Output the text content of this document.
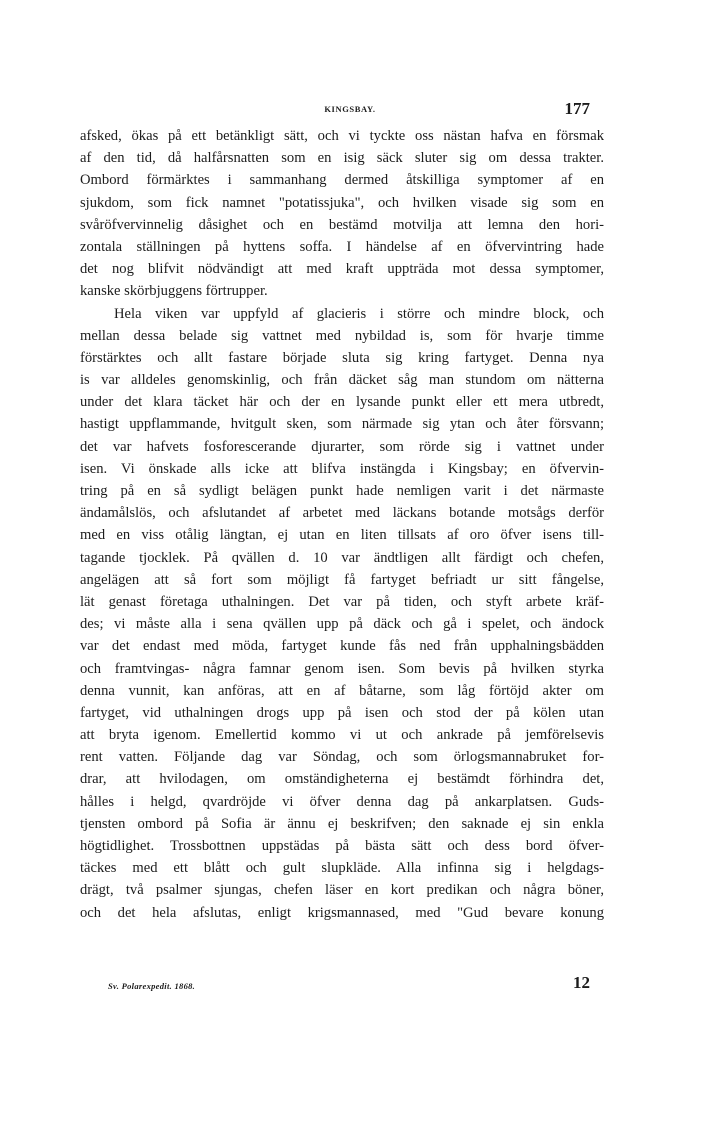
KINGSBAY.	177
afsked, ökas på ett betänkligt sätt, och vi tyckte oss nästan hafva en försmak
af den tid, då halfårsnatten som en isig säck sluter sig om dessa trakter.
Ombord förmärktes i sammanhang dermed åtskilliga symptomer af en
sjukdom, som fick namnet "potatissjuka", och hvilken visade sig som en
svåröfvervinnelig dåsighet och en bestämd motvilja att lemna den hori-
zontala ställningen på hyttens soffa. I händelse af en öfvervintring hade
det nog blifvit nödvändigt att med kraft uppträda mot dessa symptomer,
kanske skörbjuggens förtrupper.
Hela viken var uppfyld af glacieris i större och mindre block, och
mellan dessa belade sig vattnet med nybildad is, som för hvarje timme
förstärktes och allt fastare började sluta sig kring fartyget. Denna nya
is var alldeles genomskinlig, och från däcket såg man stundom om nätterna
under det klara täcket här och der en lysande punkt eller ett mera utbredt,
hastigt uppflammande, hvitgult sken, som närmade sig ytan och åter försvann;
det var hafvets fosforescerande djurarter, som rörde sig i vattnet under
isen. Vi önskade alls icke att blifva instängda i Kingsbay; en öfvervin-
tring på en så sydligt belägen punkt hade nemligen varit i det närmaste
ändamålslös, och afslutandet af arbetet med läckans botande motsågs derför
med en viss otålig längtan, ej utan en liten tillsats af oro öfver isens till-
tagande tjocklek. På qvällen d. 10 var ändtligen allt färdigt och chefen,
angelägen att så fort som möjligt få fartyget befriadt ur sitt fångelse,
lät genast företaga uthalningen. Det var på tiden, och styft arbete kräf-
des; vi måste alla i sena qvällen upp på däck och gå i spelet, och ändock
var det endast med möda, fartyget kunde fås ned från upphalningsbädden
och framtvingas- några famnar genom isen. Som bevis på hvilken styrka
denna vunnit, kan anföras, att en af båtarne, som låg förtöjd akter om
fartyget, vid uthalningen drogs upp på isen och stod der på kölen utan
att bryta igenom. Emellertid kommo vi ut och ankrade på jemförelsevis
rent vatten. Följande dag var Söndag, och som örlogsmannabruket for-
drar, att hvilodagen, om omständigheterna ej bestämdt förhindra det,
hålles i helgd, qvardröjde vi öfver denna dag på ankarplatsen. Guds-
tjensten ombord på Sofia är ännu ej beskrifven; den saknade ej sin enkla
högtidlighet. Trossbottnen uppstädas på bästa sätt och dess bord öfver-
täckes med ett blått och gult slupkläde. Alla infinna sig i helgdags-
drägt, två psalmer sjungas, chefen läser en kort predikan och några böner,
och det hela afslutas, enligt krigsmannased, med "Gud bevare konung
Sv. Polarexpedit. 1868.	12
